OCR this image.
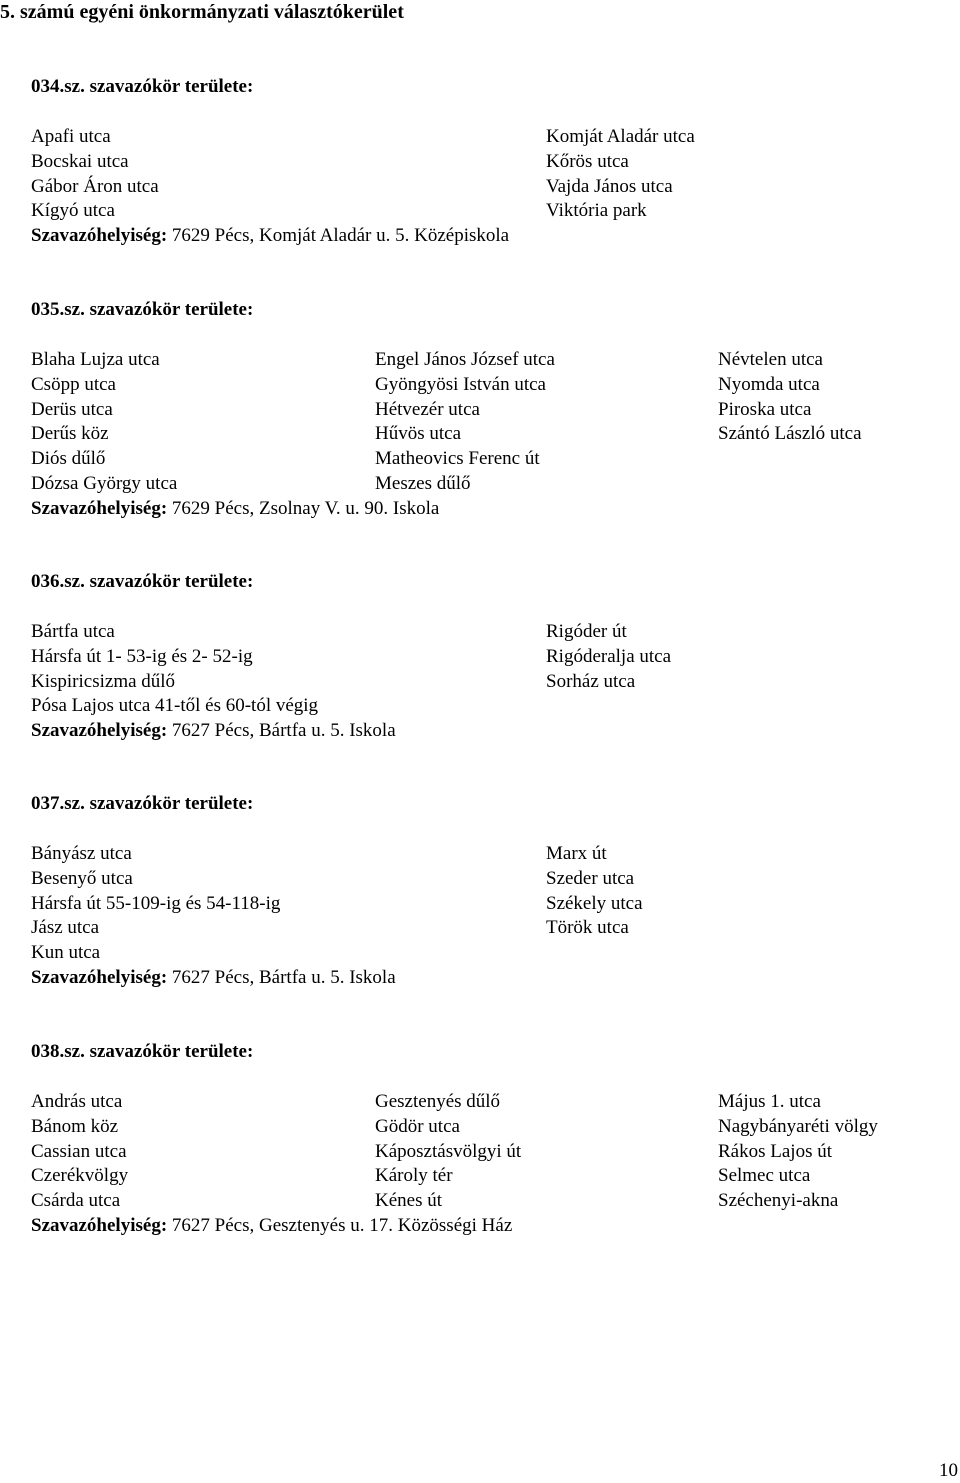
5. számú egyéni önkormányzati választókerület
034.sz. szavazókör területe:
Apafi utca
Bocskai utca
Gábor Áron utca
Kígyó utca
Komját Aladár utca
Kőrös utca
Vajda János utca
Viktória park
Szavazóhelyiség: 7629 Pécs, Komját Aladár u. 5. Középiskola
035.sz. szavazókör területe:
Blaha Lujza utca
Csöpp utca
Derüs utca
Derűs köz
Diós dűlő
Dózsa György utca
Engel János József utca
Gyöngyösi István utca
Hétvezér utca
Hűvös utca
Matheovics Ferenc út
Meszes dűlő
Névtelen utca
Nyomda utca
Piroska utca
Szántó László utca
Szavazóhelyiség: 7629 Pécs, Zsolnay V. u. 90. Iskola
036.sz. szavazókör területe:
Bártfa utca
Hársfa út 1- 53-ig és 2- 52-ig
Kispiricsizma dűlő
Pósa Lajos utca 41-től és 60-tól végig
Rigóder út
Rigóderalja utca
Sorház utca
Szavazóhelyiség: 7627 Pécs, Bártfa u. 5. Iskola
037.sz. szavazókör területe:
Bányász utca
Besenyő utca
Hársfa út 55-109-ig és 54-118-ig
Jász utca
Kun utca
Marx út
Szeder utca
Székely utca
Török utca
Szavazóhelyiség: 7627 Pécs, Bártfa u. 5. Iskola
038.sz. szavazókör területe:
András utca
Bánom köz
Cassian utca
Czerékvölgy
Csárda utca
Gesztenyés dűlő
Gödör utca
Káposztásvölgyi út
Károly tér
Kénes út
Május 1. utca
Nagybányaréti völgy
Rákos Lajos út
Selmec utca
Széchenyi-akna
Szavazóhelyiség: 7627 Pécs, Gesztenyés u. 17. Közösségi Ház
10
